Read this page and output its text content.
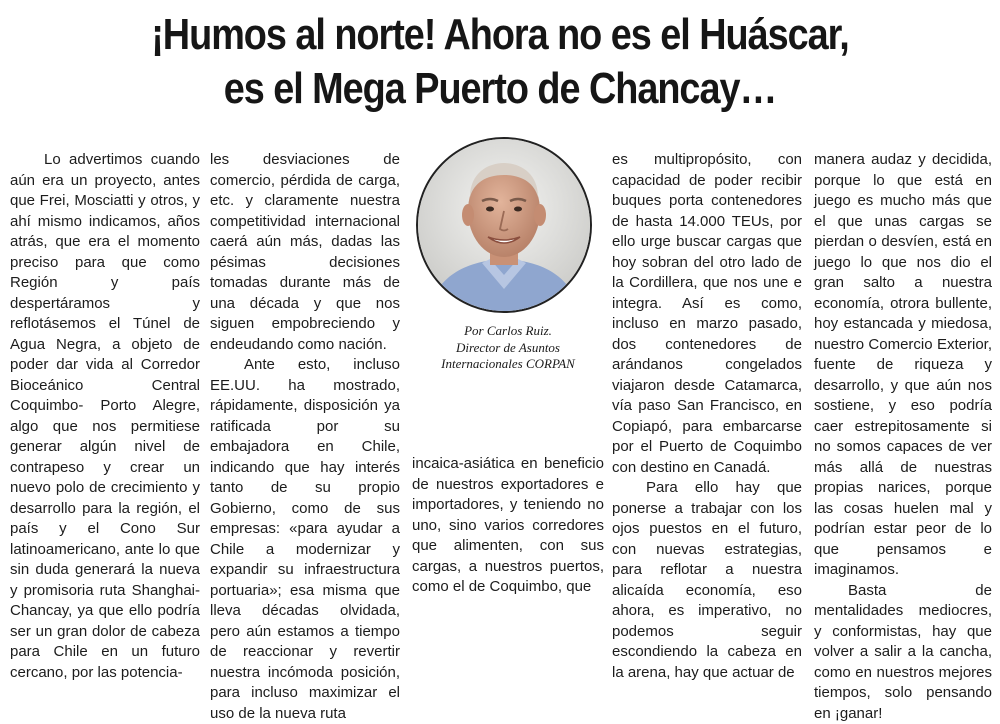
¡Humos al norte! Ahora no es el Huáscar,
es el Mega Puerto de Chancay…

Lo advertimos cuando aún era un proyecto, antes que Frei, Mosciatti y otros, y ahí mismo indicamos, años atrás, que era el momento preciso para que como Región y país despertáramos y reflotásemos el Túnel de Agua Negra, a objeto de poder dar vida al Corredor Bioceánico Central Coquimbo- Porto Alegre, algo que nos permitiese generar algún nivel de contrapeso y crear un nuevo polo de crecimiento y desarrollo para la región, el país y el Cono Sur latinoamericano, ante lo que sin duda generará la nueva y promisoria ruta Shanghai-Chancay, ya que ello podría ser un gran dolor de cabeza para Chile en un futuro cercano, por las potencia-

les desviaciones de comercio, pérdida de carga, etc. y claramente nuestra competitividad internacional caerá aún más, dadas las pésimas decisiones tomadas durante más de una década y que nos siguen empobreciendo y endeudando como nación.

Ante esto, incluso EE.UU. ha mostrado, rápidamente, disposición ya ratificada por su embajadora en Chile, indicando que hay interés tanto de su propio Gobierno, como de sus empresas: «para ayudar a Chile a modernizar y expandir su infraestructura portuaria»; esa misma que lleva décadas olvidada, pero aún estamos a tiempo de reaccionar y revertir nuestra incómoda posición, para incluso maximizar el uso de la nueva ruta

Por Carlos Ruiz.
Director de Asuntos
Internacionales CORPAN

incaica-asiática en beneficio de nuestros exportadores e importadores, y teniendo no uno, sino varios corredores que alimenten, con sus cargas, a nuestros puertos, como el de Coquimbo, que

es multipropósito, con capacidad de poder recibir buques porta contenedores de hasta 14.000 TEUs, por ello urge buscar cargas que hoy sobran del otro lado de la Cordillera, que nos une e integra. Así es como, incluso en marzo pasado, dos contenedores de arándanos congelados viajaron desde Catamarca, vía paso San Francisco, en Copiapó, para embarcarse por el Puerto de Coquimbo con destino en Canadá.

Para ello hay que ponerse a trabajar con los ojos puestos en el futuro, con nuevas estrategias, para reflotar a nuestra alicaída economía, eso ahora, es imperativo, no podemos seguir escondiendo la cabeza en la arena, hay que actuar de

manera audaz y decidida, porque lo que está en juego es mucho más que el que unas cargas se pierdan o desvíen, está en juego lo que nos dio el gran salto a nuestra economía, otrora bullente, hoy estancada y miedosa, nuestro Comercio Exterior, fuente de riqueza y desarrollo, y que aún nos sostiene, y eso podría caer estrepitosamente si no somos capaces de ver más allá de nuestras propias narices, porque las cosas huelen mal y podrían estar peor de lo que pensamos e imaginamos.

Basta de mentalidades mediocres, y conformistas, hay que volver a salir a la cancha, como en nuestros mejores tiempos, solo pensando en ¡ganar!
